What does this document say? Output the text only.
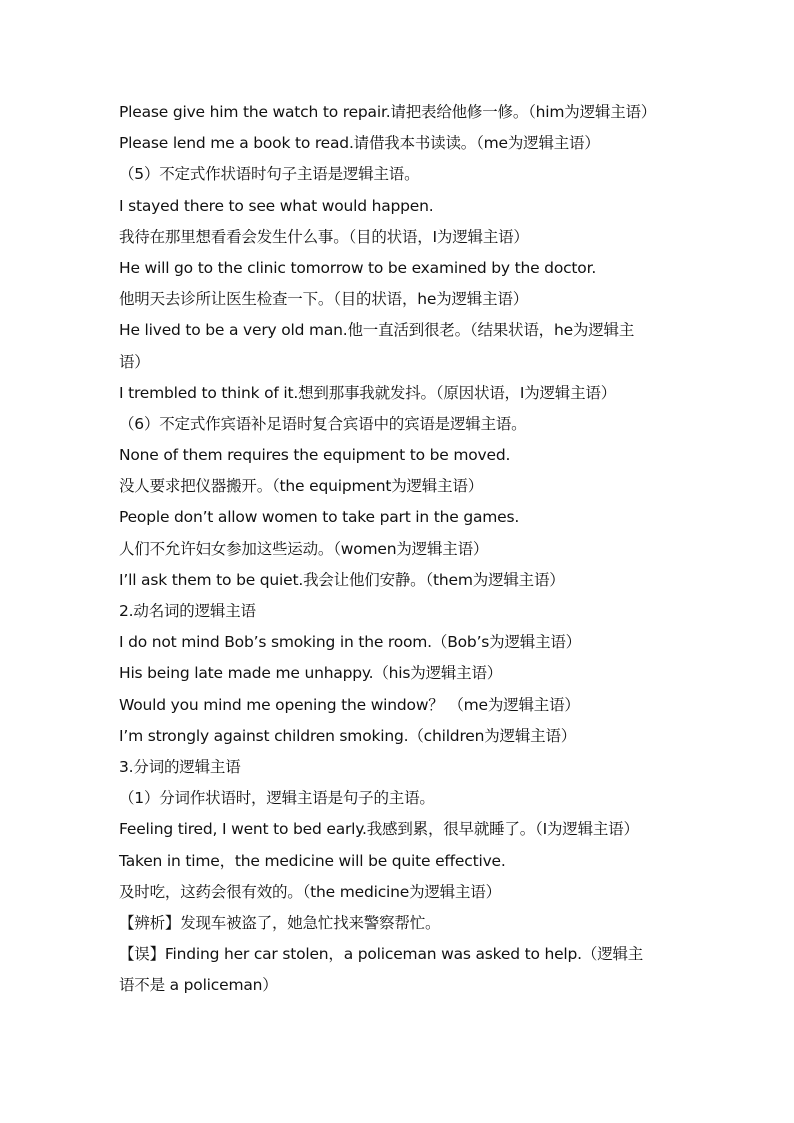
Please give him the watch to repair.请把表给他修一修。（him为逻辑主语）
Please lend me a book to read.请借我本书读读。（me为逻辑主语）
（5）不定式作状语时句子主语是逻辑主语。
I stayed there to see what would happen.
我待在那里想看看会发生什么事。（目的状语，I为逻辑主语）
He will go to the clinic tomorrow to be examined by the doctor.
他明天去诊所让医生检查一下。（目的状语，he为逻辑主语）
He lived to be a very old man.他一直活到很老。（结果状语，he为逻辑主
语）
I trembled to think of it.想到那事我就发抖。（原因状语，I为逻辑主语）
（6）不定式作宾语补足语时复合宾语中的宾语是逻辑主语。
None of them requires the equipment to be moved.
没人要求把仪器搬开。（the equipment为逻辑主语）
People don’t allow women to take part in the games.
人们不允许妇女参加这些运动。（women为逻辑主语）
I’ll ask them to be quiet.我会让他们安静。（them为逻辑主语）
2.动名词的逻辑主语
I do not mind Bob’s smoking in the room.（Bob’s为逻辑主语）
His being late made me unhappy.（his为逻辑主语）
Would you mind me opening the window？ （me为逻辑主语）
I’m strongly against children smoking.（children为逻辑主语）
3.分词的逻辑主语
（1）分词作状语时，逻辑主语是句子的主语。
Feeling tired, I went to bed early.我感到累，很早就睡了。（I为逻辑主语）
Taken in time，the medicine will be quite effective.
及时吃，这药会很有效的。（the medicine为逻辑主语）
【辨析】发现车被盗了，她急忙找来警察帮忙。
【误】Finding her car stolen，a policeman was asked to help.（逻辑主
语不是 a policeman）
